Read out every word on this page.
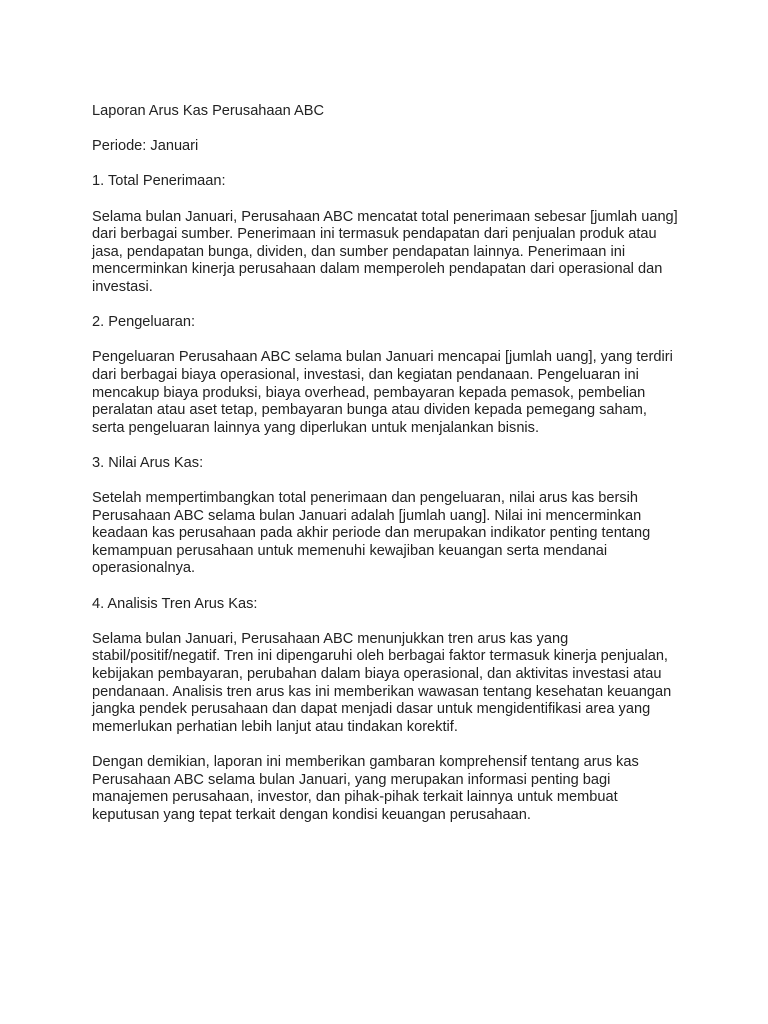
Laporan Arus Kas Perusahaan ABC

Periode: Januari

1. Total Penerimaan:

Selama bulan Januari, Perusahaan ABC mencatat total penerimaan sebesar [jumlah uang] dari berbagai sumber. Penerimaan ini termasuk pendapatan dari penjualan produk atau jasa, pendapatan bunga, dividen, dan sumber pendapatan lainnya. Penerimaan ini mencerminkan kinerja perusahaan dalam memperoleh pendapatan dari operasional dan investasi.

2. Pengeluaran:

Pengeluaran Perusahaan ABC selama bulan Januari mencapai [jumlah uang], yang terdiri dari berbagai biaya operasional, investasi, dan kegiatan pendanaan. Pengeluaran ini mencakup biaya produksi, biaya overhead, pembayaran kepada pemasok, pembelian peralatan atau aset tetap, pembayaran bunga atau dividen kepada pemegang saham, serta pengeluaran lainnya yang diperlukan untuk menjalankan bisnis.

3. Nilai Arus Kas:

Setelah mempertimbangkan total penerimaan dan pengeluaran, nilai arus kas bersih Perusahaan ABC selama bulan Januari adalah [jumlah uang]. Nilai ini mencerminkan keadaan kas perusahaan pada akhir periode dan merupakan indikator penting tentang kemampuan perusahaan untuk memenuhi kewajiban keuangan serta mendanai operasionalnya.

4. Analisis Tren Arus Kas:

Selama bulan Januari, Perusahaan ABC menunjukkan tren arus kas yang stabil/positif/negatif. Tren ini dipengaruhi oleh berbagai faktor termasuk kinerja penjualan, kebijakan pembayaran, perubahan dalam biaya operasional, dan aktivitas investasi atau pendanaan. Analisis tren arus kas ini memberikan wawasan tentang kesehatan keuangan jangka pendek perusahaan dan dapat menjadi dasar untuk mengidentifikasi area yang memerlukan perhatian lebih lanjut atau tindakan korektif.

Dengan demikian, laporan ini memberikan gambaran komprehensif tentang arus kas Perusahaan ABC selama bulan Januari, yang merupakan informasi penting bagi manajemen perusahaan, investor, dan pihak-pihak terkait lainnya untuk membuat keputusan yang tepat terkait dengan kondisi keuangan perusahaan.
